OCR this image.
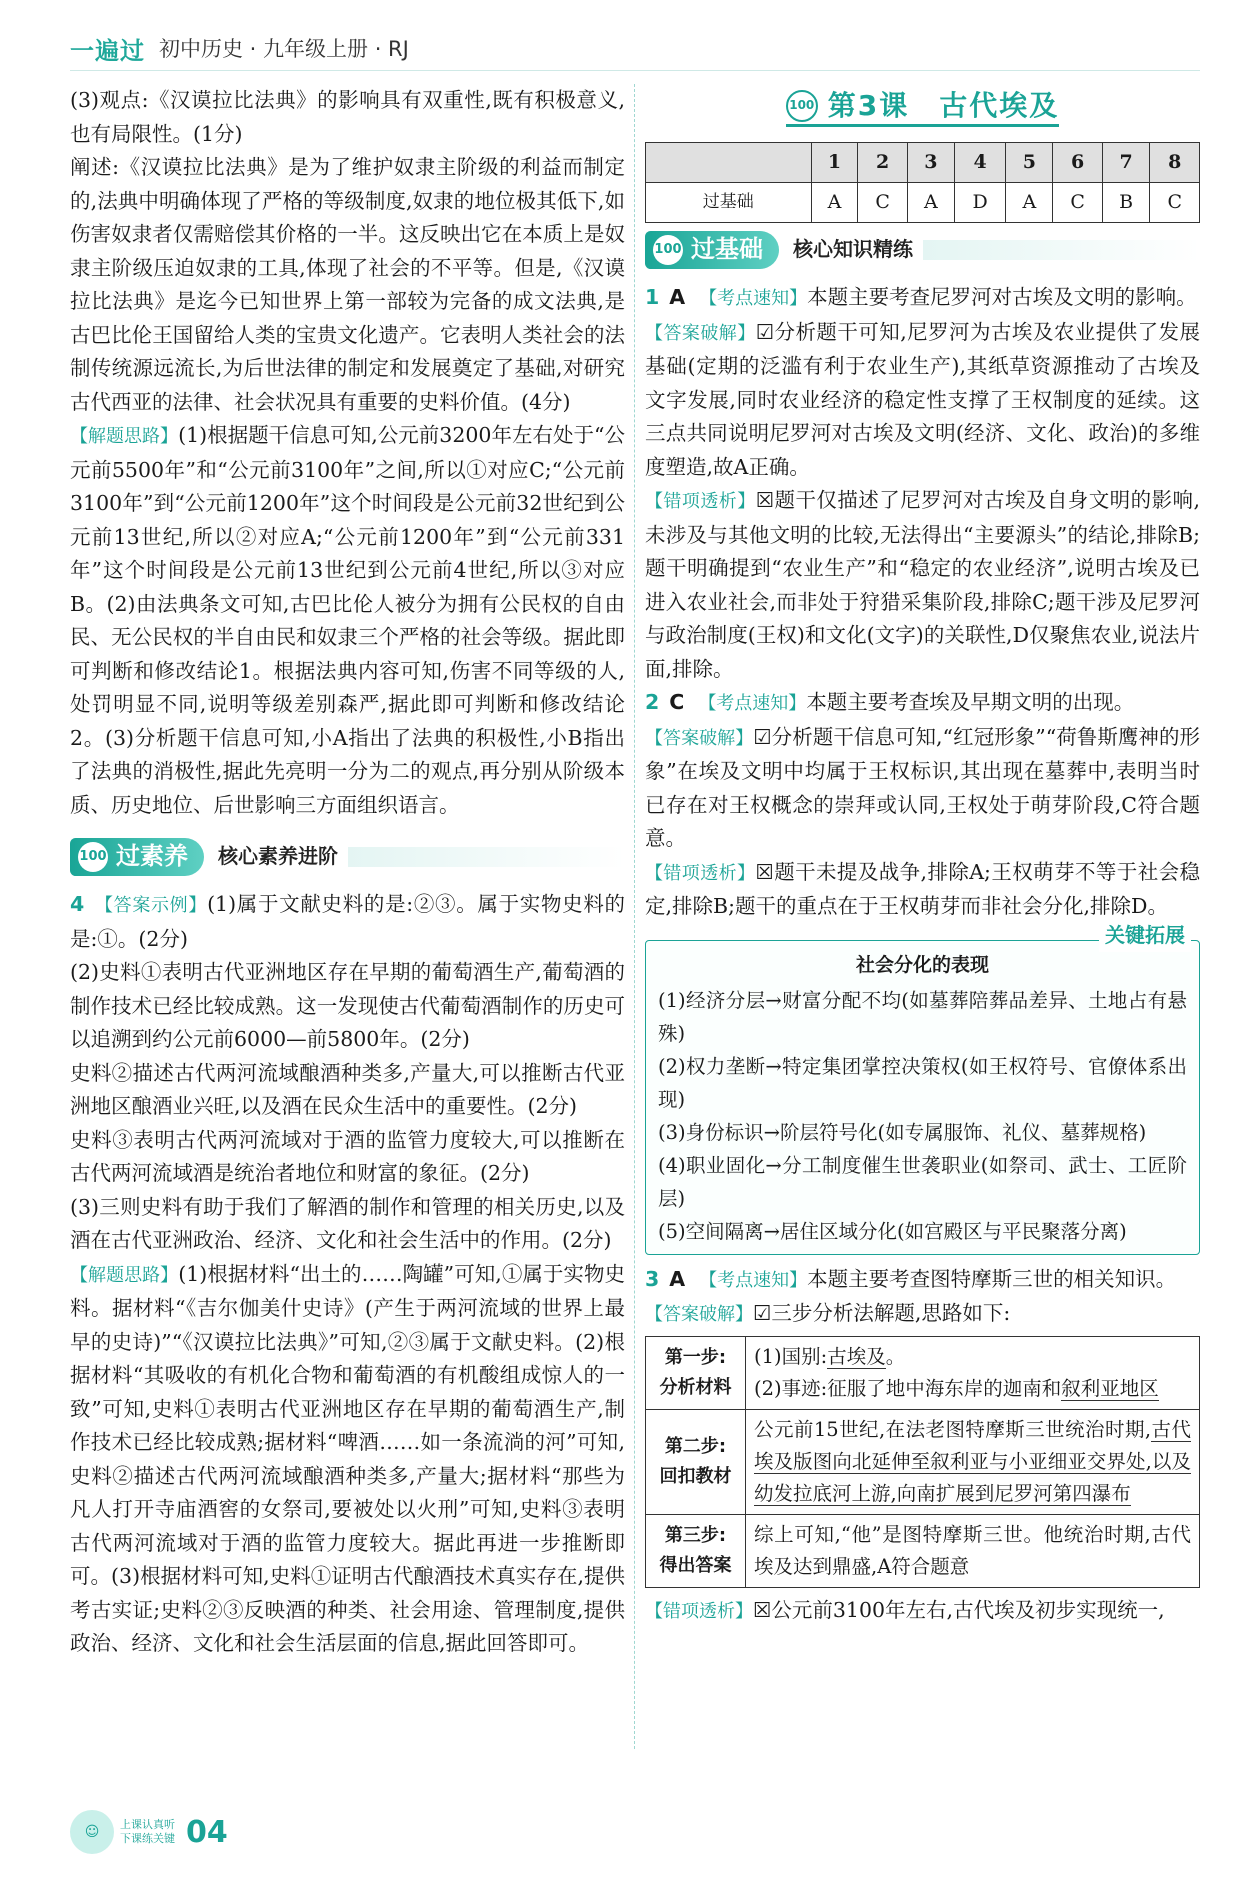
一遍过 初中历史 · 九年级上册 · RJ

(3)观点:《汉谟拉比法典》的影响具有双重性,既有积极意义,也有局限性。(1分)

阐述:《汉谟拉比法典》是为了维护奴隶主阶级的利益而制定的,法典中明确体现了严格的等级制度,奴隶的地位极其低下,如伤害奴隶者仅需赔偿其价格的一半。这反映出它在本质上是奴隶主阶级压迫奴隶的工具,体现了社会的不平等。但是,《汉谟拉比法典》是迄今已知世界上第一部较为完备的成文法典,是古巴比伦王国留给人类的宝贵文化遗产。它表明人类社会的法制传统源远流长,为后世法律的制定和发展奠定了基础,对研究古代西亚的法律、社会状况具有重要的史料价值。(4分)

【解题思路】(1)根据题干信息可知,公元前3200年左右处于“公元前5500年”和“公元前3100年”之间,所以①对应C;“公元前3100年”到“公元前1200年”这个时间段是公元前32世纪到公元前13世纪,所以②对应A;“公元前1200年”到“公元前331年”这个时间段是公元前13世纪到公元前4世纪,所以③对应B。(2)由法典条文可知,古巴比伦人被分为拥有公民权的自由民、无公民权的半自由民和奴隶三个严格的社会等级。据此即可判断和修改结论1。根据法典内容可知,伤害不同等级的人,处罚明显不同,说明等级差别森严,据此即可判断和修改结论2。(3)分析题干信息可知,小A指出了法典的积极性,小B指出了法典的消极性,据此先亮明一分为二的观点,再分别从阶级本质、历史地位、后世影响三方面组织语言。

100 过素养 核心素养进阶

4 【答案示例】(1)属于文献史料的是:②③。属于实物史料的是:①。(2分)

(2)史料①表明古代亚洲地区存在早期的葡萄酒生产,葡萄酒的制作技术已经比较成熟。这一发现使古代葡萄酒制作的历史可以追溯到约公元前6000—前5800年。(2分)

史料②描述古代两河流域酿酒种类多,产量大,可以推断古代亚洲地区酿酒业兴旺,以及酒在民众生活中的重要性。(2分)

史料③表明古代两河流域对于酒的监管力度较大,可以推断在古代两河流域酒是统治者地位和财富的象征。(2分)

(3)三则史料有助于我们了解酒的制作和管理的相关历史,以及酒在古代亚洲政治、经济、文化和社会生活中的作用。(2分)

【解题思路】(1)根据材料“出土的……陶罐”可知,①属于实物史料。据材料“《吉尔伽美什史诗》(产生于两河流域的世界上最早的史诗)”“《汉谟拉比法典》”可知,②③属于文献史料。(2)根据材料“其吸收的有机化合物和葡萄酒的有机酸组成惊人的一致”可知,史料①表明古代亚洲地区存在早期的葡萄酒生产,制作技术已经比较成熟;据材料“啤酒……如一条流淌的河”可知,史料②描述古代两河流域酿酒种类多,产量大;据材料“那些为凡人打开寺庙酒窖的女祭司,要被处以火刑”可知,史料③表明古代两河流域对于酒的监管力度较大。据此再进一步推断即可。(3)根据材料可知,史料①证明古代酿酒技术真实存在,提供考古实证;史料②③反映酒的种类、社会用途、管理制度,提供政治、经济、文化和社会生活层面的信息,据此回答即可。

100 第3课　古代埃及
	1	2	3	4	5	6	7	8
过基础	A	C	A	D	A	C	B	C
100 过基础 核心知识精练

1 A 【考点速知】本题主要考查尼罗河对古埃及文明的影响。

【答案破解】☑分析题干可知,尼罗河为古埃及农业提供了发展基础(定期的泛滥有利于农业生产),其纸草资源推动了古埃及文字发展,同时农业经济的稳定性支撑了王权制度的延续。这三点共同说明尼罗河对古埃及文明(经济、文化、政治)的多维度塑造,故A正确。

【错项透析】☒题干仅描述了尼罗河对古埃及自身文明的影响,未涉及与其他文明的比较,无法得出“主要源头”的结论,排除B;题干明确提到“农业生产”和“稳定的农业经济”,说明古埃及已进入农业社会,而非处于狩猎采集阶段,排除C;题干涉及尼罗河与政治制度(王权)和文化(文字)的关联性,D仅聚焦农业,说法片面,排除。

2 C 【考点速知】本题主要考查埃及早期文明的出现。

【答案破解】☑分析题干信息可知,“红冠形象”“荷鲁斯鹰神的形象”在埃及文明中均属于王权标识,其出现在墓葬中,表明当时已存在对王权概念的崇拜或认同,王权处于萌芽阶段,C符合题意。

【错项透析】☒题干未提及战争,排除A;王权萌芽不等于社会稳定,排除B;题干的重点在于王权萌芽而非社会分化,排除D。

关键拓展
社会分化的表现
(1)经济分层→财富分配不均(如墓葬陪葬品差异、土地占有悬殊)
(2)权力垄断→特定集团掌控决策权(如王权符号、官僚体系出现)
(3)身份标识→阶层符号化(如专属服饰、礼仪、墓葬规格)
(4)职业固化→分工制度催生世袭职业(如祭司、武士、工匠阶层)
(5)空间隔离→居住区域分化(如宫殿区与平民聚落分离)

3 A 【考点速知】本题主要考查图特摩斯三世的相关知识。

【答案破解】☑三步分析法解题,思路如下:

第一步:
分析材料	(1)国别:古埃及。
(2)事迹:征服了地中海东岸的迦南和叙利亚地区
第二步:
回扣教材	公元前15世纪,在法老图特摩斯三世统治时期,古代埃及版图向北延伸至叙利亚与小亚细亚交界处,以及幼发拉底河上游,向南扩展到尼罗河第四瀑布
第三步:
得出答案	综上可知,“他”是图特摩斯三世。他统治时期,古代埃及达到鼎盛,A符合题意

【错项透析】☒公元前3100年左右,古代埃及初步实现统一,

☺	上课认真听
下课练关键 04
